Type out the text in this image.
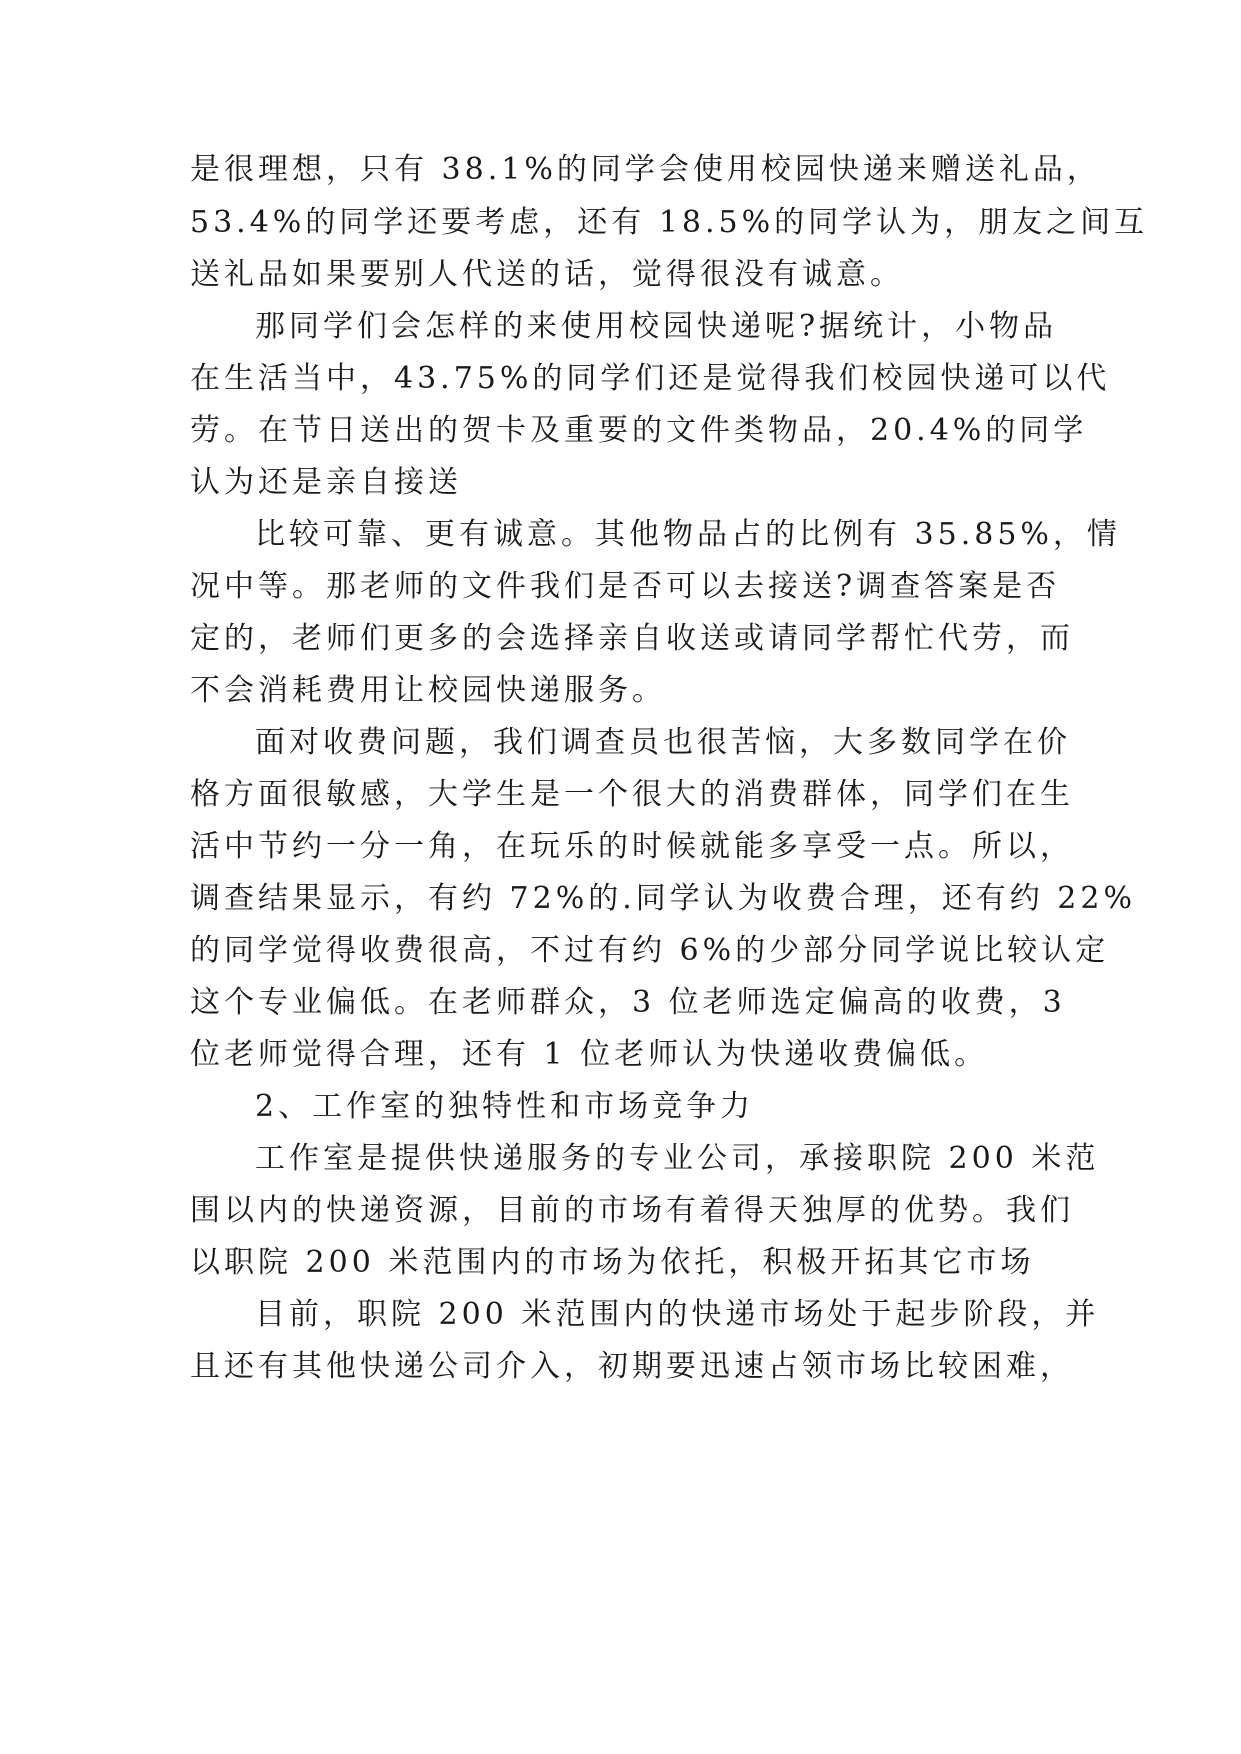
是很理想，只有 38.1%的同学会使用校园快递来赠送礼品，
53.4%的同学还要考虑，还有 18.5%的同学认为，朋友之间互
送礼品如果要别人代送的话，觉得很没有诚意。
那同学们会怎样的来使用校园快递呢?据统计，小物品
在生活当中，43.75%的同学们还是觉得我们校园快递可以代
劳。在节日送出的贺卡及重要的文件类物品，20.4%的同学
认为还是亲自接送
比较可靠、更有诚意。其他物品占的比例有 35.85%，情
况中等。那老师的文件我们是否可以去接送?调查答案是否
定的，老师们更多的会选择亲自收送或请同学帮忙代劳，而
不会消耗费用让校园快递服务。
面对收费问题，我们调查员也很苦恼，大多数同学在价
格方面很敏感，大学生是一个很大的消费群体，同学们在生
活中节约一分一角，在玩乐的时候就能多享受一点。所以，
调查结果显示，有约 72%的.同学认为收费合理，还有约 22%
的同学觉得收费很高，不过有约 6%的少部分同学说比较认定
这个专业偏低。在老师群众，3 位老师选定偏高的收费，3
位老师觉得合理，还有 1 位老师认为快递收费偏低。
2、工作室的独特性和市场竞争力
工作室是提供快递服务的专业公司，承接职院 200 米范
围以内的快递资源，目前的市场有着得天独厚的优势。我们
以职院 200 米范围内的市场为依托，积极开拓其它市场
目前，职院 200 米范围内的快递市场处于起步阶段，并
且还有其他快递公司介入，初期要迅速占领市场比较困难，
